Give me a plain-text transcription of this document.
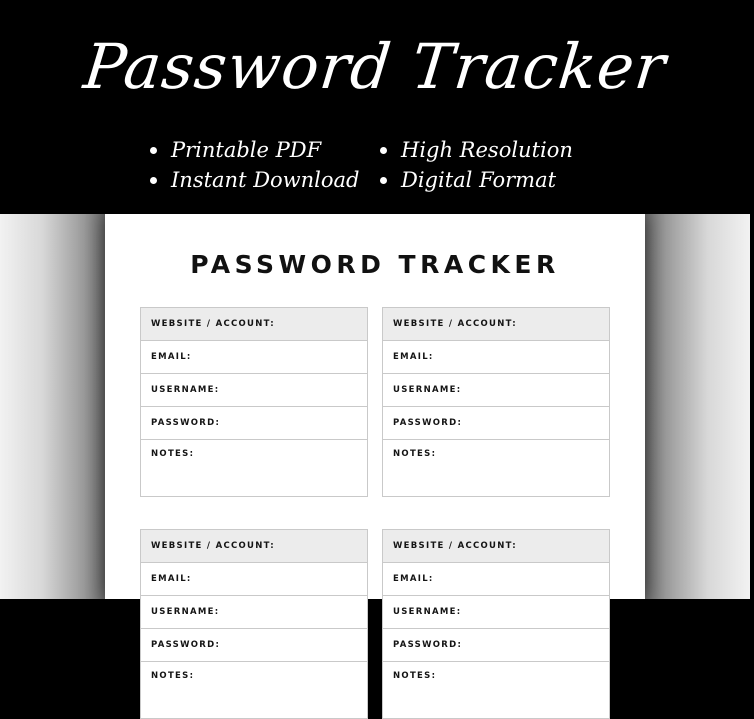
Password Tracker
Printable PDF	High Resolution
Instant Download Digital Format
PASSWORD TRACKER
WEBSITE / ACCOUNT:
EMAIL:
USERNAME:
PASSWORD:
NOTES:
WEBSITE / ACCOUNT:
EMAIL:
USERNAME:
PASSWORD:
NOTES:
WEBSITE / ACCOUNT:
EMAIL:
USERNAME:
PASSWORD:
NOTES:
WEBSITE / ACCOUNT:
EMAIL:
USERNAME:
PASSWORD:
NOTES:
